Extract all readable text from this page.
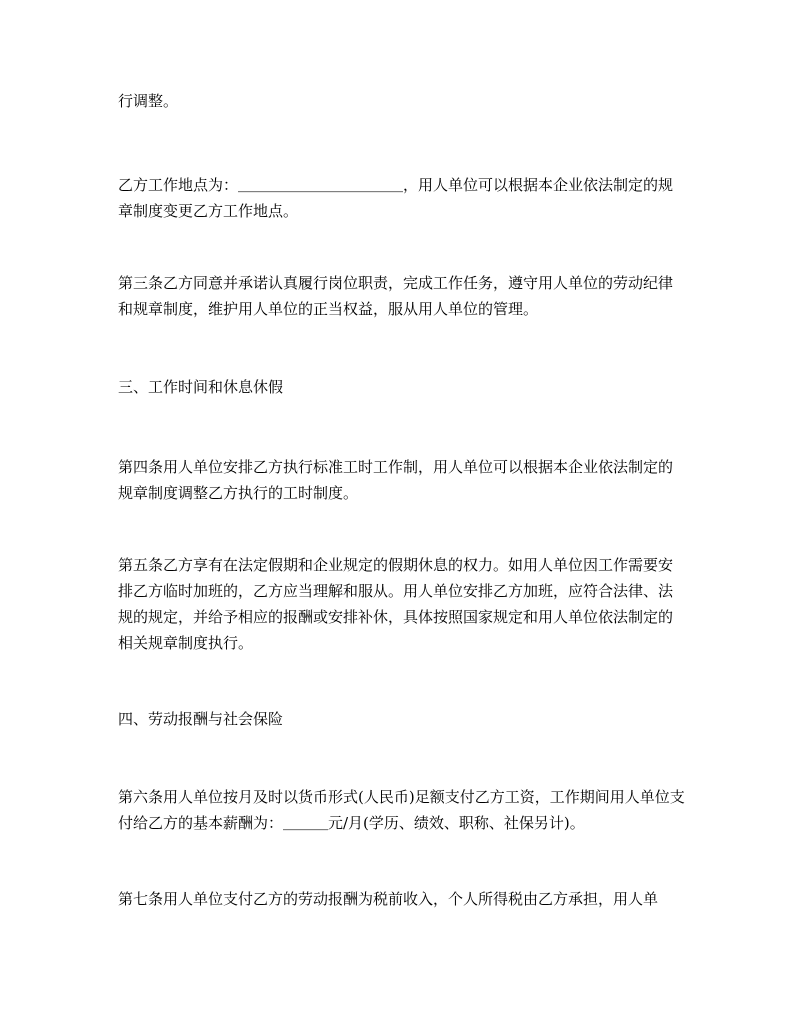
行调整。

乙方工作地点为：＿＿＿＿＿＿＿＿＿＿＿，用人单位可以根据本企业依法制定的规章制度变更乙方工作地点。

第三条乙方同意并承诺认真履行岗位职责，完成工作任务，遵守用人单位的劳动纪律和规章制度，维护用人单位的正当权益，服从用人单位的管理。

三、工作时间和休息休假

第四条用人单位安排乙方执行标准工时工作制，用人单位可以根据本企业依法制定的规章制度调整乙方执行的工时制度。

第五条乙方享有在法定假期和企业规定的假期休息的权力。如用人单位因工作需要安排乙方临时加班的，乙方应当理解和服从。用人单位安排乙方加班，应符合法律、法规的规定，并给予相应的报酬或安排补休，具体按照国家规定和用人单位依法制定的相关规章制度执行。

四、劳动报酬与社会保险

第六条用人单位按月及时以货币形式(人民币)足额支付乙方工资，工作期间用人单位支付给乙方的基本薪酬为：＿＿＿元/月(学历、绩效、职称、社保另计)。

第七条用人单位支付乙方的劳动报酬为税前收入，个人所得税由乙方承担，用人单
